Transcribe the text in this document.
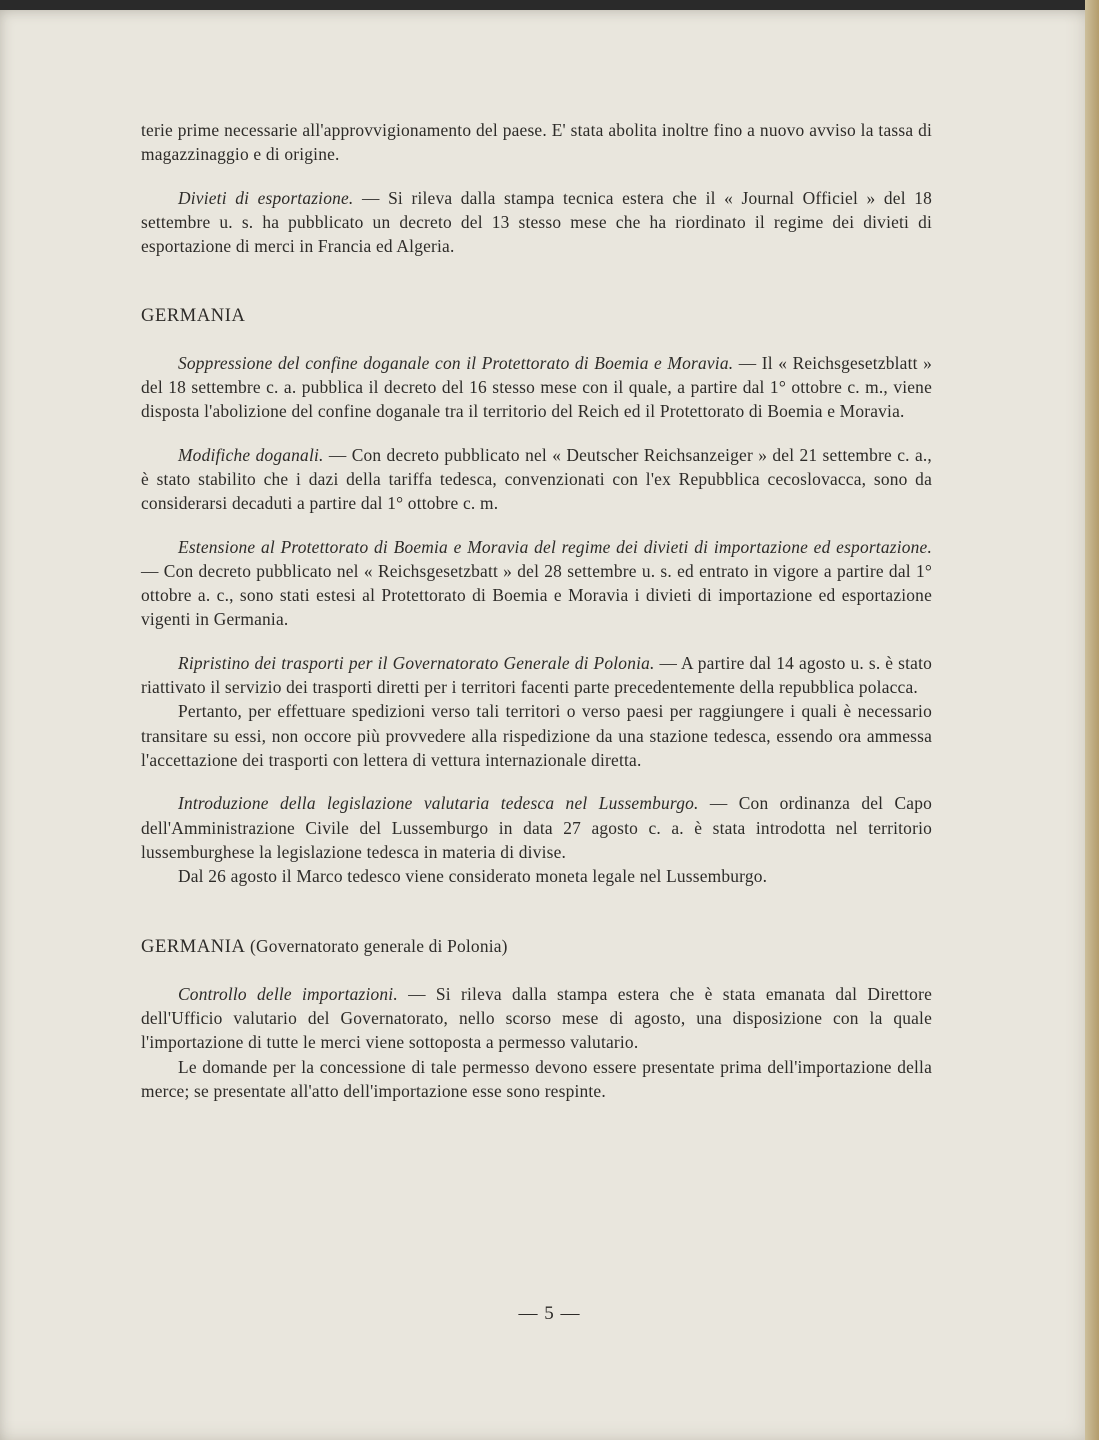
terie prime necessarie all'approvvigionamento del paese. E' stata abolita inoltre fino a nuovo avviso la tassa di magazzinaggio e di origine.

Divieti di esportazione. — Si rileva dalla stampa tecnica estera che il « Journal Officiel » del 18 settembre u. s. ha pubblicato un decreto del 13 stesso mese che ha riordinato il regime dei divieti di esportazione di merci in Francia ed Algeria.

GERMANIA

Soppressione del confine doganale con il Protettorato di Boemia e Moravia. — Il « Reichsgesetzblatt » del 18 settembre c. a. pubblica il decreto del 16 stesso mese con il quale, a partire dal 1° ottobre c. m., viene disposta l'abolizione del confine doganale tra il territorio del Reich ed il Protettorato di Boemia e Moravia.

Modifiche doganali. — Con decreto pubblicato nel « Deutscher Reichsanzeiger » del 21 settembre c. a., è stato stabilito che i dazi della tariffa tedesca, convenzionati con l'ex Repubblica cecoslovacca, sono da considerarsi decaduti a partire dal 1° ottobre c. m.

Estensione al Protettorato di Boemia e Moravia del regime dei divieti di importazione ed esportazione. — Con decreto pubblicato nel « Reichsgesetzbatt » del 28 settembre u. s. ed entrato in vigore a partire dal 1° ottobre a. c., sono stati estesi al Protettorato di Boemia e Moravia i divieti di importazione ed esportazione vigenti in Germania.

Ripristino dei trasporti per il Governatorato Generale di Polonia. — A partire dal 14 agosto u. s. è stato riattivato il servizio dei trasporti diretti per i territori facenti parte precedentemente della repubblica polacca.

Pertanto, per effettuare spedizioni verso tali territori o verso paesi per raggiungere i quali è necessario transitare su essi, non occore più provvedere alla rispedizione da una stazione tedesca, essendo ora ammessa l'accettazione dei trasporti con lettera di vettura internazionale diretta.

Introduzione della legislazione valutaria tedesca nel Lussemburgo. — Con ordinanza del Capo dell'Amministrazione Civile del Lussemburgo in data 27 agosto c. a. è stata introdotta nel territorio lussemburghese la legislazione tedesca in materia di divise.

Dal 26 agosto il Marco tedesco viene considerato moneta legale nel Lussemburgo.

GERMANIA (Governatorato generale di Polonia)

Controllo delle importazioni. — Si rileva dalla stampa estera che è stata emanata dal Direttore dell'Ufficio valutario del Governatorato, nello scorso mese di agosto, una disposizione con la quale l'importazione di tutte le merci viene sottoposta a permesso valutario.

Le domande per la concessione di tale permesso devono essere presentate prima dell'importazione della merce; se presentate all'atto dell'importazione esse sono respinte.

— 5 —
